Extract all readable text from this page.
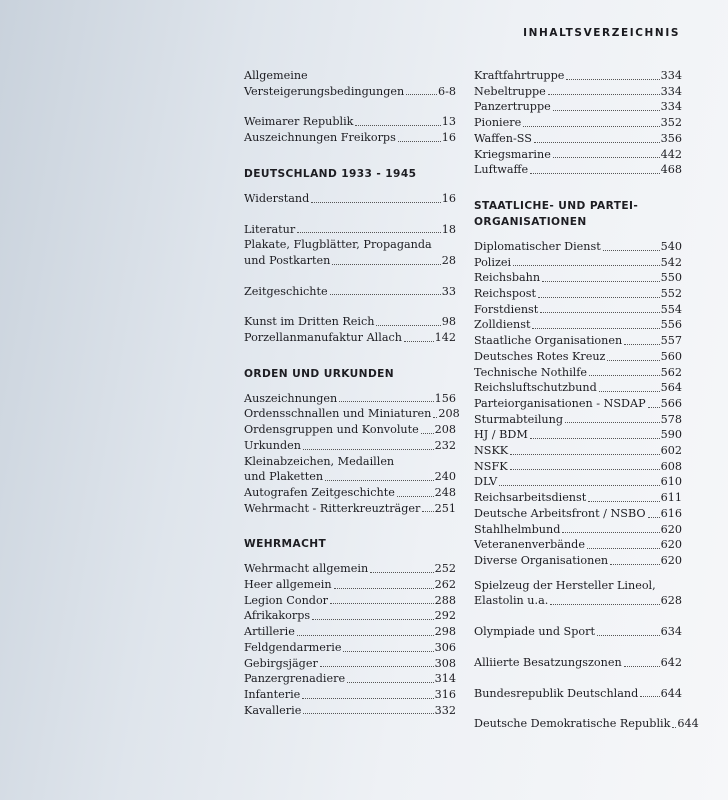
INHALTSVERZEICHNIS
Allgemeine
Versteigerungsbedingungen	6-8
Weimarer Republik	13
Auszeichnungen Freikorps	16
DEUTSCHLAND 1933 - 1945
Widerstand	16
Literatur	18
Plakate, Flugblätter, Propaganda
und Postkarten	28
Zeitgeschichte	33
Kunst im Dritten Reich	98
Porzellanmanufaktur Allach	142
ORDEN UND URKUNDEN
Auszeichnungen	156
Ordensschnallen und Miniaturen 208
Ordensgruppen und Konvolute 208
Urkunden	232
Kleinabzeichen, Medaillen
und Plaketten	240
Autografen Zeitgeschichte	248
Wehrmacht - Ritterkreuzträger 251
WEHRMACHT
Wehrmacht allgemein	252
Heer allgemein	262
Legion Condor	288
Afrikakorps	292
Artillerie	298
Feldgendarmerie	306
Gebirgsjäger	308
Panzergrenadiere	314
Infanterie	316
Kavallerie	332
Kraftfahrtruppe	334
Nebeltruppe	334
Panzertruppe	334
Pioniere	352
Waffen-SS	356
Kriegsmarine	442
Luftwaffe	468
STAATLICHE- UND PARTEI-
ORGANISATIONEN
Diplomatischer Dienst	540
Polizei	542
Reichsbahn	550
Reichspost	552
Forstdienst	554
Zolldienst	556
Staatliche Organisationen	557
Deutsches Rotes Kreuz	560
Technische Nothilfe	562
Reichsluftschutzbund	564
Parteiorganisationen - NSDAP 566
Sturmabteilung	578
HJ / BDM	590
NSKK	602
NSFK	608
DLV	610
Reichsarbeitsdienst	611
Deutsche Arbeitsfront / NSBO 616
Stahlhelmbund	620
Veteranenverbände	620
Diverse Organisationen	620
Spielzeug der Hersteller Lineol,
Elastolin u.a.	628
Olympiade und Sport	634
Alliierte Besatzungszonen	642
Bundesrepublik Deutschland 644
Deutsche Demokratische Republik 644
